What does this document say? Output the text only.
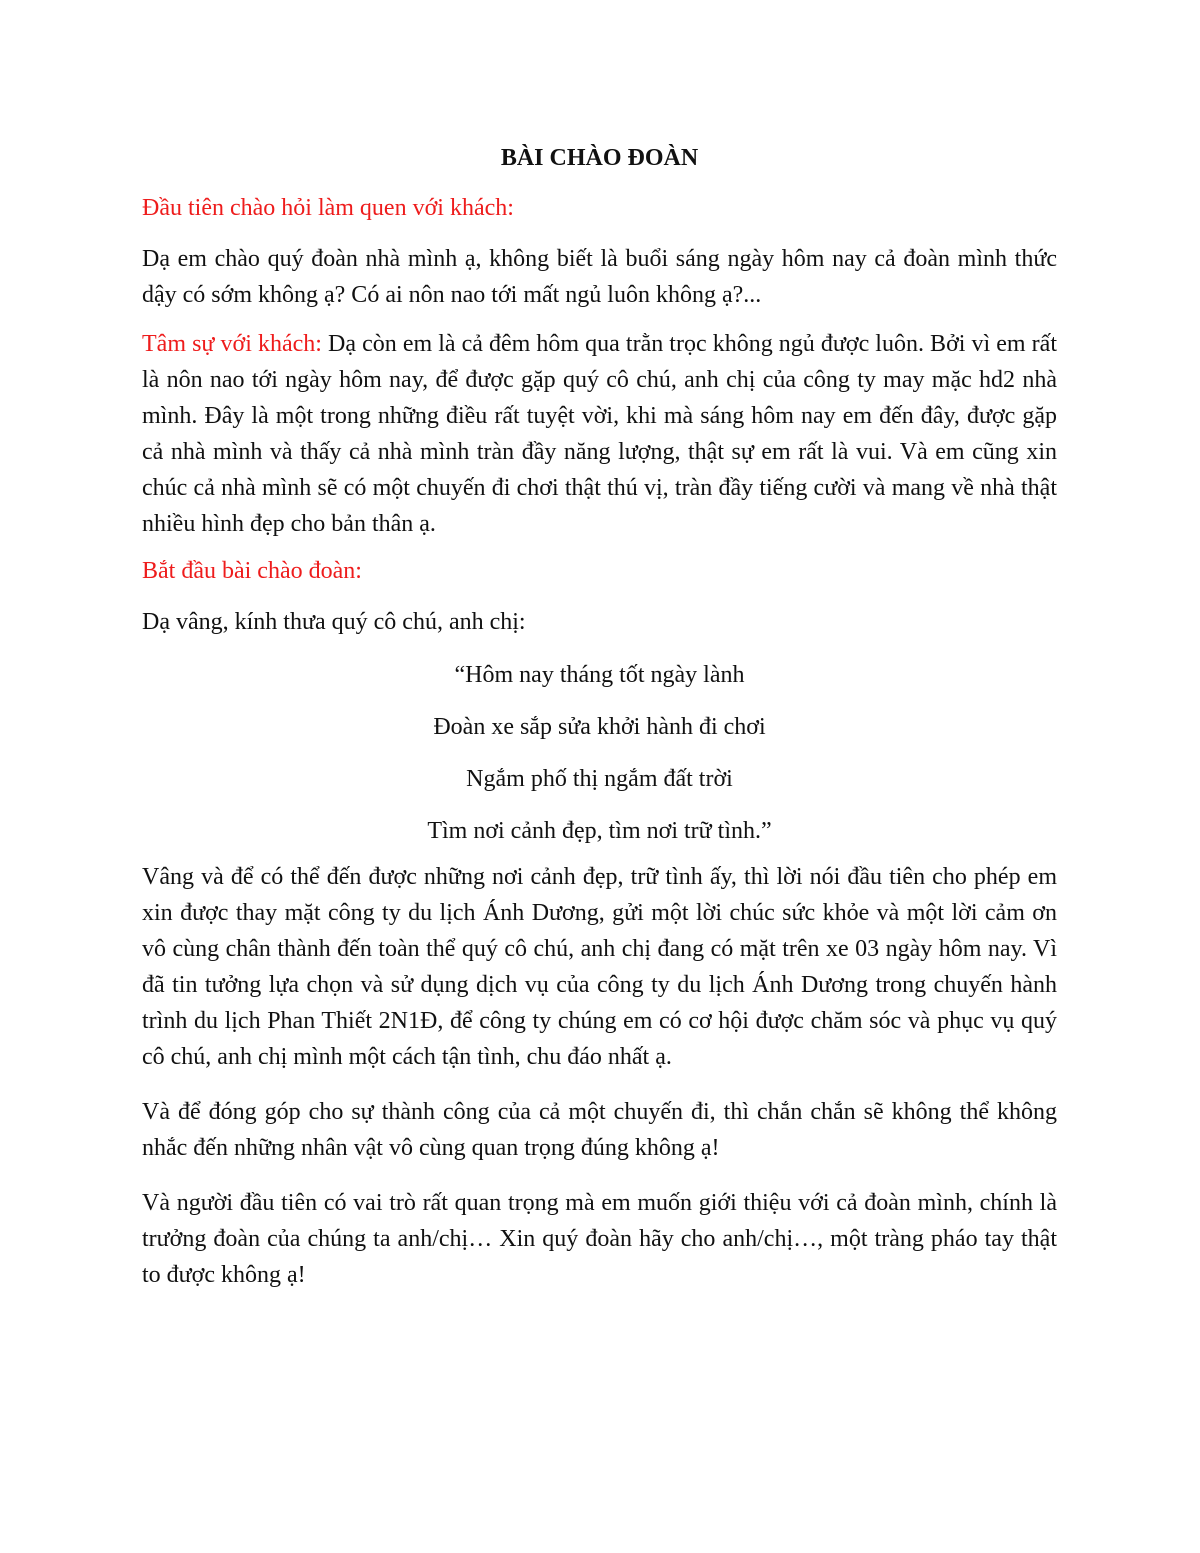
BÀI CHÀO ĐOÀN

Đầu tiên chào hỏi làm quen với khách:

Dạ em chào quý đoàn nhà mình ạ, không biết là buổi sáng ngày hôm nay cả đoàn mình thức dậy có sớm không ạ? Có ai nôn nao tới mất ngủ luôn không ạ?...

Tâm sự với khách: Dạ còn em là cả đêm hôm qua trằn trọc không ngủ được luôn. Bởi vì em rất là nôn nao tới ngày hôm nay, để được gặp quý cô chú, anh chị của công ty may mặc hd2 nhà mình. Đây là một trong những điều rất tuyệt vời, khi mà sáng hôm nay em đến đây, được gặp cả nhà mình và thấy cả nhà mình tràn đầy năng lượng, thật sự em rất là vui. Và em cũng xin chúc cả nhà mình sẽ có một chuyến đi chơi thật thú vị, tràn đầy tiếng cười và mang về nhà thật nhiều hình đẹp cho bản thân ạ.

Bắt đầu bài chào đoàn:

Dạ vâng, kính thưa quý cô chú, anh chị:

“Hôm nay tháng tốt ngày lành

Đoàn xe sắp sửa khởi hành đi chơi

Ngắm phố thị ngắm đất trời

Tìm nơi cảnh đẹp, tìm nơi trữ tình.”

Vâng và để có thể đến được những nơi cảnh đẹp, trữ tình ấy, thì lời nói đầu tiên cho phép em xin được thay mặt công ty du lịch Ánh Dương, gửi một lời chúc sức khỏe và một lời cảm ơn vô cùng chân thành đến toàn thể quý cô chú, anh chị đang có mặt trên xe 03 ngày hôm nay. Vì đã tin tưởng lựa chọn và sử dụng dịch vụ của công ty du lịch Ánh Dương trong chuyến hành trình du lịch Phan Thiết 2N1Đ, để công ty chúng em có cơ hội được chăm sóc và phục vụ quý cô chú, anh chị mình một cách tận tình, chu đáo nhất ạ.

Và để đóng góp cho sự thành công của cả một chuyến đi, thì chắn chắn sẽ không thể không nhắc đến những nhân vật vô cùng quan trọng đúng không ạ!

Và người đầu tiên có vai trò rất quan trọng mà em muốn giới thiệu với cả đoàn mình, chính là trưởng đoàn của chúng ta anh/chị… Xin quý đoàn hãy cho anh/chị…, một tràng pháo tay thật to được không ạ!
